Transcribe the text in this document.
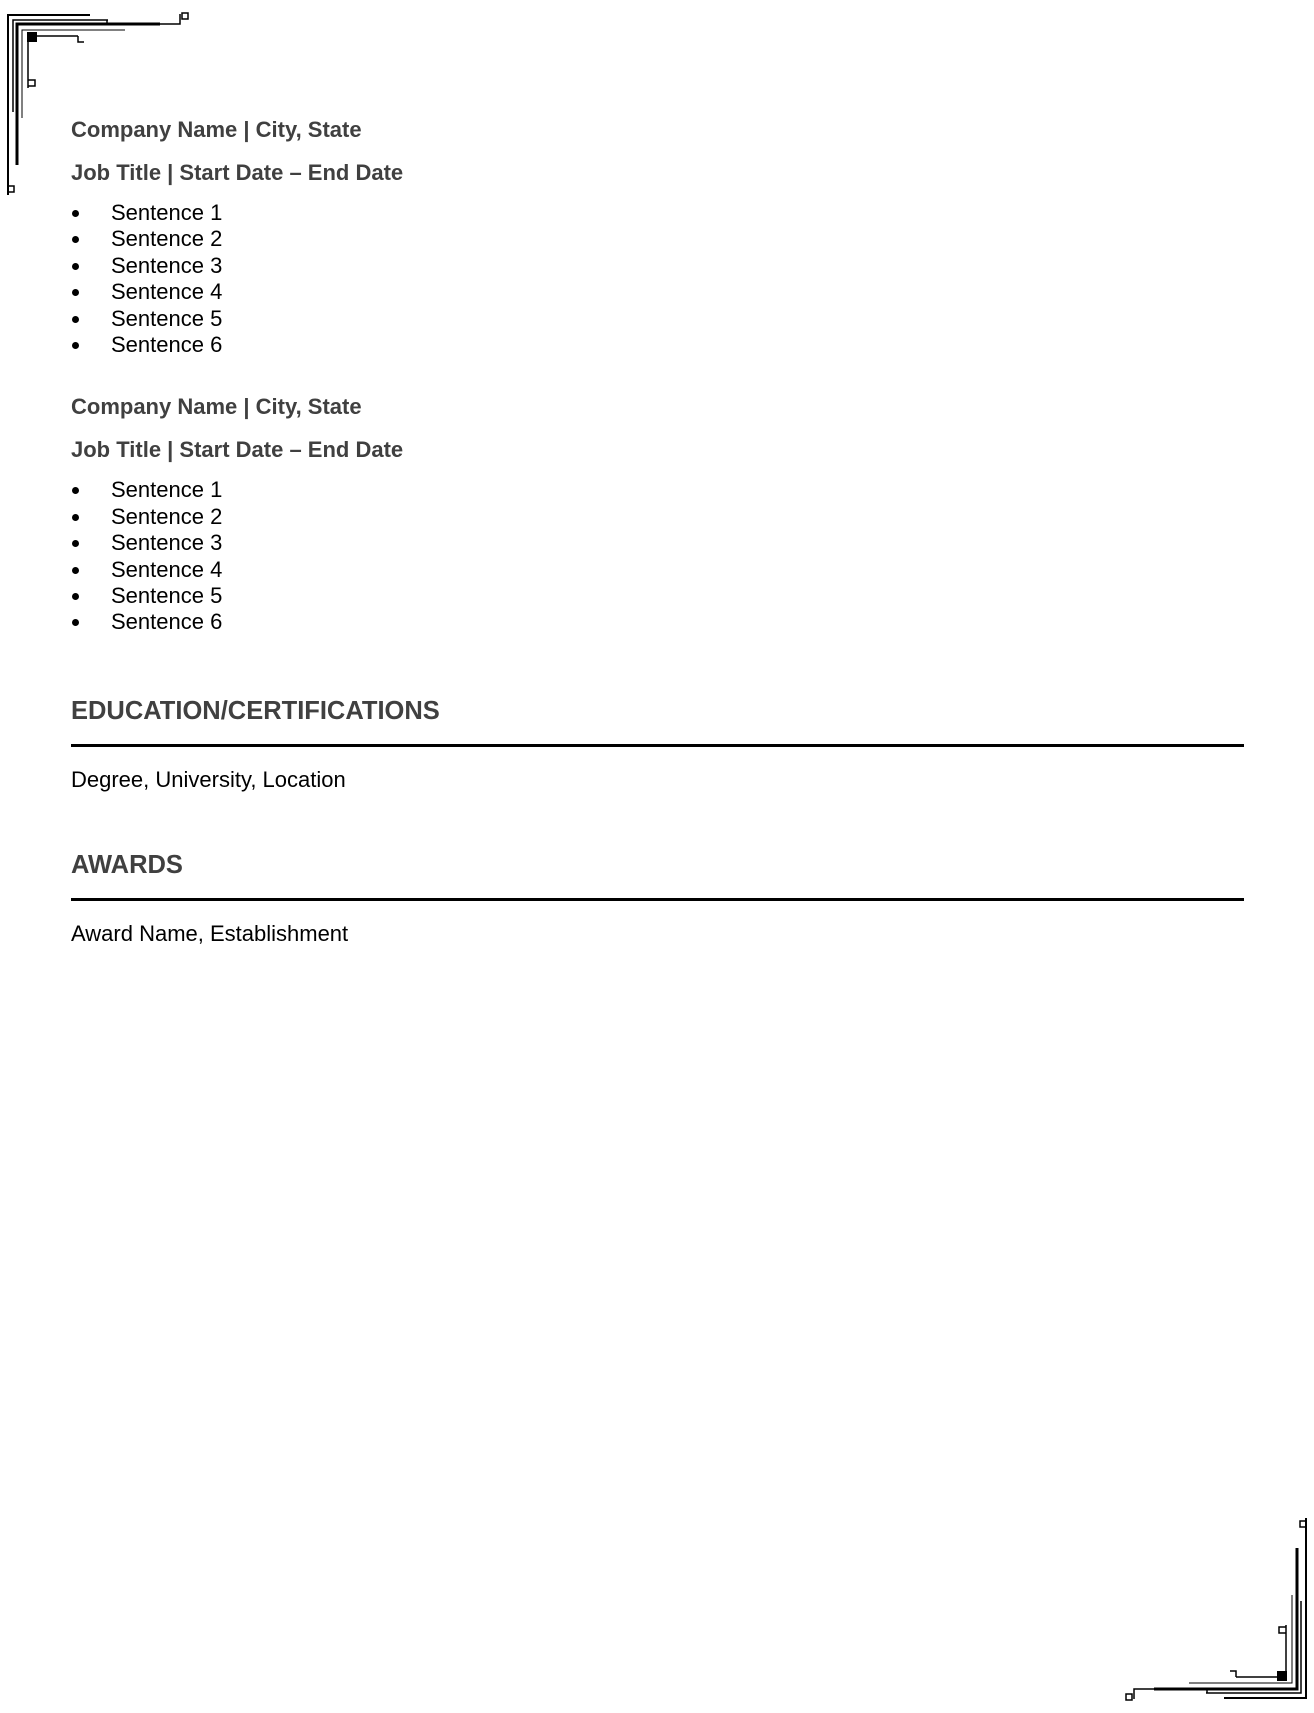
Company Name | City, State

Job Title | Start Date – End Date

Sentence 1
Sentence 2
Sentence 3
Sentence 4
Sentence 5
Sentence 6

Company Name | City, State

Job Title | Start Date – End Date

Sentence 1
Sentence 2
Sentence 3
Sentence 4
Sentence 5
Sentence 6
EDUCATION/CERTIFICATIONS
Degree, University, Location
AWARDS
Award Name, Establishment
